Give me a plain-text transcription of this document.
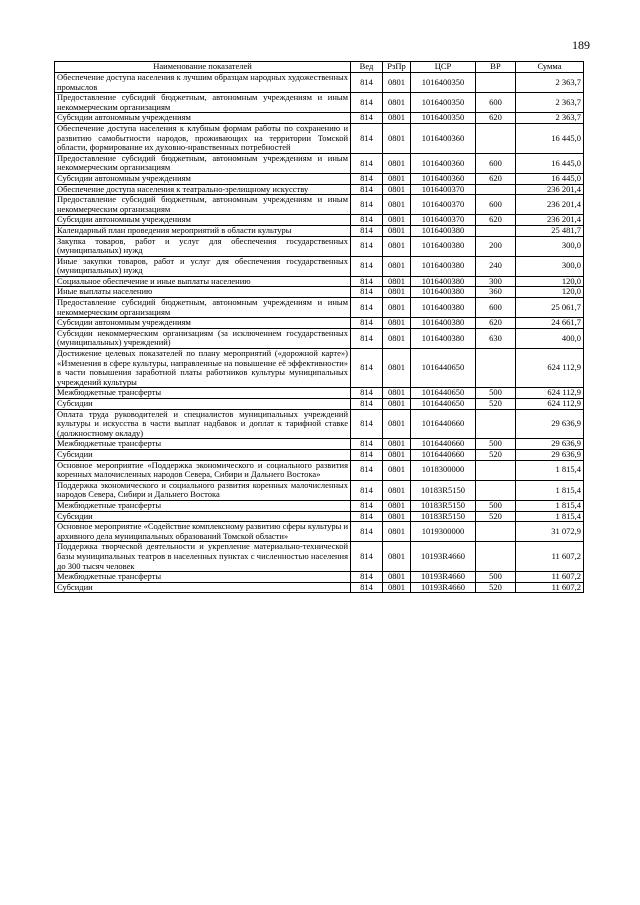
189
Наименование показателей	Вед	РзПр	ЦСР	ВР	Сумма
Обеспечение доступа населения к лучшим образцам народных художественных промыслов	814	0801	1016400350		2 363,7
Предоставление субсидий бюджетным, автономным учреждениям и иным некоммерческим организациям	814	0801	1016400350	600	2 363,7
Субсидии автономным учреждениям	814	0801	1016400350	620	2 363,7
Обеспечение доступа населения к клубным формам работы по сохранению и развитию самобытности народов, проживающих на территории Томской области, формирование их духовно-нравственных потребностей	814	0801	1016400360		16 445,0
Предоставление субсидий бюджетным, автономным учреждениям и иным некоммерческим организациям	814	0801	1016400360	600	16 445,0
Субсидии автономным учреждениям	814	0801	1016400360	620	16 445,0
Обеспечение доступа населения к театрально-зрелищному искусству	814	0801	1016400370		236 201,4
Предоставление субсидий бюджетным, автономным учреждениям и иным некоммерческим организациям	814	0801	1016400370	600	236 201,4
Субсидии автономным учреждениям	814	0801	1016400370	620	236 201,4
Календарный план проведения мероприятий в области культуры	814	0801	1016400380		25 481,7
Закупка товаров, работ и услуг для обеспечения государственных (муниципальных) нужд	814	0801	1016400380	200	300,0
Иные закупки товаров, работ и услуг для обеспечения государственных (муниципальных) нужд	814	0801	1016400380	240	300,0
Социальное обеспечение и иные выплаты населению	814	0801	1016400380	300	120,0
Иные выплаты населению	814	0801	1016400380	360	120,0
Предоставление субсидий бюджетным, автономным учреждениям и иным некоммерческим организациям	814	0801	1016400380	600	25 061,7
Субсидии автономным учреждениям	814	0801	1016400380	620	24 661,7
Субсидии некоммерческим организациям (за исключением государственных (муниципальных) учреждений)	814	0801	1016400380	630	400,0
Достижение целевых показателей по плану мероприятий («дорожной карте») «Изменения в сфере культуры, направленные на повышение её эффективности» в части повышения заработной платы работников культуры муниципальных учреждений культуры	814	0801	1016440650		624 112,9
Межбюджетные трансферты	814	0801	1016440650	500	624 112,9
Субсидии	814	0801	1016440650	520	624 112,9
Оплата труда руководителей и специалистов муниципальных учреждений культуры и искусства в части выплат надбавок и доплат к тарифной ставке (должностному окладу)	814	0801	1016440660		29 636,9
Межбюджетные трансферты	814	0801	1016440660	500	29 636,9
Субсидии	814	0801	1016440660	520	29 636,9
Основное мероприятие «Поддержка экономического и социального развития коренных малочисленных народов Севера, Сибири и Дальнего Востока»	814	0801	1018300000		1 815,4
Поддержка экономического и социального развития коренных малочисленных народов Севера, Сибири и Дальнего Востока	814	0801	10183R5150		1 815,4
Межбюджетные трансферты	814	0801	10183R5150	500	1 815,4
Субсидии	814	0801	10183R5150	520	1 815,4
Основное мероприятие «Содействие комплексному развитию сферы культуры и архивного дела муниципальных образований Томской области»	814	0801	1019300000		31 072,9
Поддержка творческой деятельности и укрепление материально-технической базы муниципальных театров в населенных пунктах с численностью населения до 300 тысяч человек	814	0801	10193R4660		11 607,2
Межбюджетные трансферты	814	0801	10193R4660	500	11 607,2
Субсидии	814	0801	10193R4660	520	11 607,2
